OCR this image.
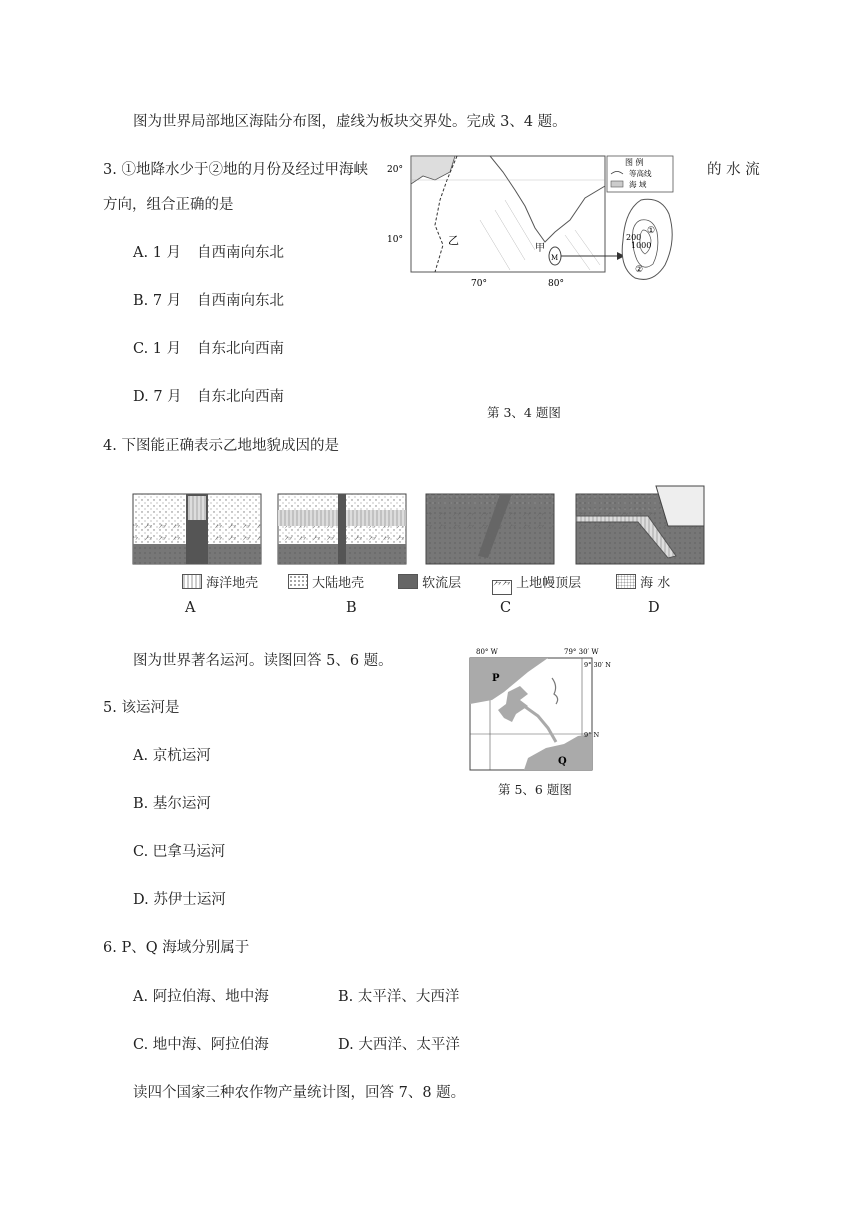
图为世界局部地区海陆分布图，虚线为板块交界处。完成 3、4 题。
3. ①地降水少于②地的月份及经过甲海峡	的 水 流
方向，组合正确的是
A. 1 月 自西南向东北
B. 7 月 自西南向东北
C. 1 月 自东北向西南
D. 7 月 自东北向西南
20°
10°
70°	80°
乙
甲
M
图 例
等高线
海 域
200
1000
①
②
第 3、4 题图
4. 下图能正确表示乙地地貌成因的是
海洋地壳	大陆地壳	软流层	⺈⺈ 上地幔顶层	海 水
A	B	C	D
图为世界著名运河。读图回答 5、6 题。
80° W	79° 30′ W
9° 30′ N
9° N
P
Q
第 5、6 题图
5. 该运河是
A. 京杭运河
B. 基尔运河
C. 巴拿马运河
D. 苏伊士运河
6. P、Q 海域分别属于
A. 阿拉伯海、地中海	B. 太平洋、大西洋
C. 地中海、阿拉伯海	D. 大西洋、太平洋
读四个国家三种农作物产量统计图，回答 7、8 题。
